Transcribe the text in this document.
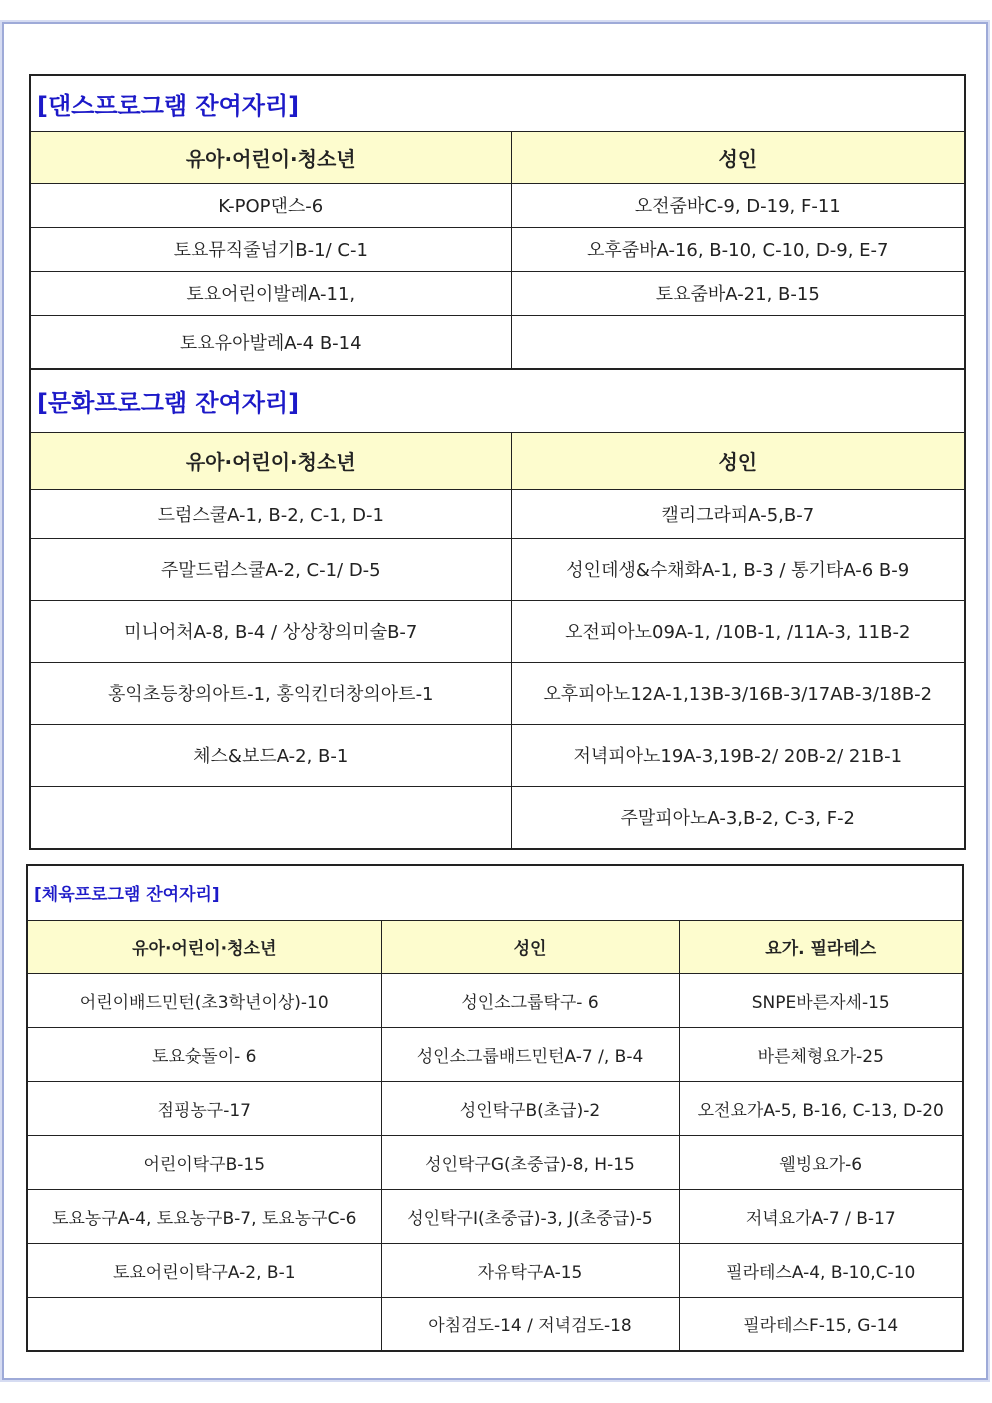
[댄스프로그램 잔여자리]	
유아·어린이·청소년	성인
K-POP댄스-6	오전줌바C-9, D-19, F-11
토요뮤직줄넘기B-1/ C-1	오후줌바A-16, B-10, C-10, D-9, E-7
토요어린이발레A-11,	토요줌바A-21, B-15
토요유아발레A-4 B-14	
[문화프로그램 잔여자리]	
유아·어린이·청소년	성인
드럼스쿨A-1, B-2, C-1, D-1	캘리그라피A-5,B-7
주말드럼스쿨A-2, C-1/ D-5	성인데생&수채화A-1, B-3 / 통기타A-6 B-9
미니어처A-8, B-4 / 상상창의미술B-7	오전피아노09A-1, /10B-1, /11A-3, 11B-2
홍익초등창의아트-1, 홍익킨더창의아트-1	오후피아노12A-1,13B-3/16B-3/17AB-3/18B-2
체스&보드A-2, B-1	저녁피아노19A-3,19B-2/ 20B-2/ 21B-1
	주말피아노A-3,B-2, C-3, F-2
[체육프로그램 잔여자리]		
유아·어린이·청소년	성인	요가. 필라테스
어린이배드민턴(초3학년이상)-10	성인소그룹탁구- 6	SNPE바른자세-15
토요슛돌이- 6	성인소그룹배드민턴A-7 /, B-4	바른체형요가-25
점핑농구-17	성인탁구B(초급)-2	오전요가A-5, B-16, C-13, D-20
어린이탁구B-15	성인탁구G(초중급)-8, H-15	웰빙요가-6
토요농구A-4, 토요농구B-7, 토요농구C-6	성인탁구I(초중급)-3, J(초중급)-5	저녁요가A-7 / B-17
토요어린이탁구A-2, B-1	자유탁구A-15	필라테스A-4, B-10,C-10
	아침검도-14 / 저녁검도-18	필라테스F-15, G-14
